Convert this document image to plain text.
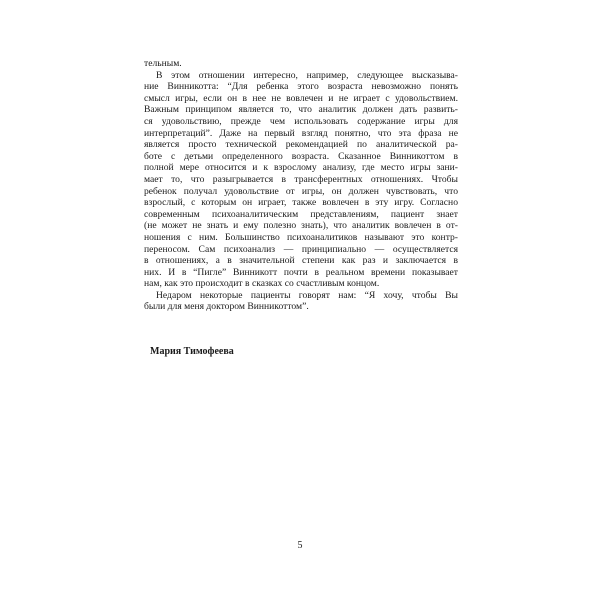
тельным.
В этом отношении интересно, например, следующее высказыва-
ние Винникотта: “Для ребенка этого возраста невозможно понять
смысл игры, если он в нее не вовлечен и не играет с удовольствием.
Важным принципом является то, что аналитик должен дать развить-
ся удовольствию, прежде чем использовать содержание игры для
интерпретаций”. Даже на первый взгляд понятно, что эта фраза не
является просто технической рекомендацией по аналитической ра-
боте с детьми определенного возраста. Сказанное Винникоттом в
полной мере относится и к взрослому анализу, где место игры зани-
мает то, что разыгрывается в трансферентных отношениях. Чтобы
ребенок получал удовольствие от игры, он должен чувствовать, что
взрослый, с которым он играет, также вовлечен в эту игру. Согласно
современным психоаналитическим представлениям, пациент знает
(не может не знать и ему полезно знать), что аналитик вовлечен в от-
ношения с ним. Большинство психоаналитиков называют это контр-
переносом. Сам психоанализ — принципиально — осуществляется
в отношениях, а в значительной степени как раз и заключается в
них. И в “Пигле” Винникотт почти в реальном времени показывает
нам, как это происходит в сказках со счастливым концом.
Недаром некоторые пациенты говорят нам: “Я хочу, чтобы Вы
были для меня доктором Винникоттом”.
Мария Тимофеева
5
